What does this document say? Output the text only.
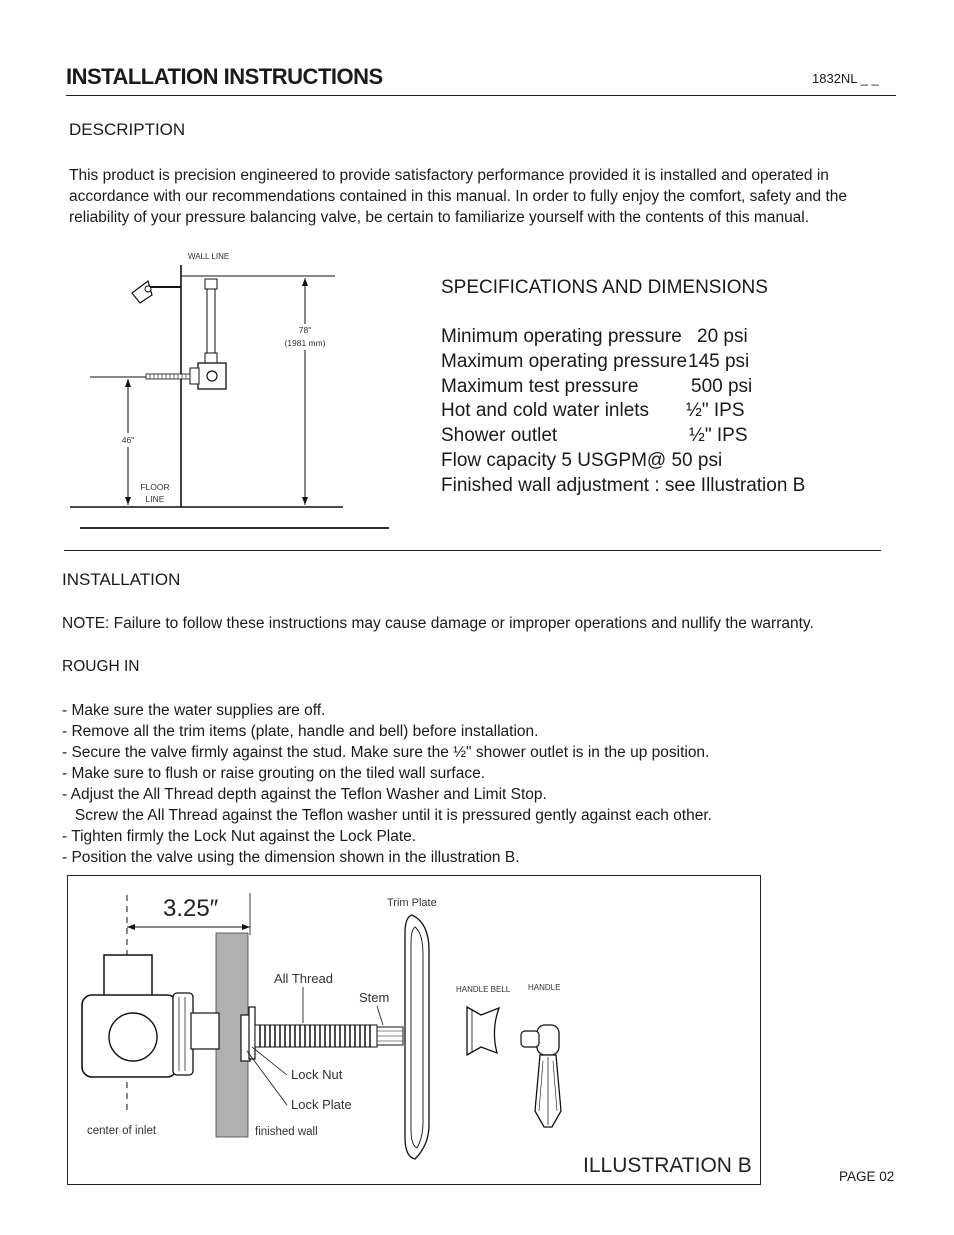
INSTALLATION INSTRUCTIONS	1832NL _ _
DESCRIPTION
This product is precision engineered to provide satisfactory performance provided it is installed and operated in accordance with our recommendations contained in this manual. In order to fully enjoy the comfort, safety and the reliability of your pressure balancing valve, be certain to familiarize yourself with the contents of this manual.
WALL LINE
78"
(1981 mm)
46"
FLOOR
LINE
SPECIFICATIONS AND DIMENSIONS
Minimum operating pressure 20 psi
Maximum operating pressure 145 psi
Maximum test pressure	500 psi
Hot and cold water inlets ½" IPS
Shower outlet	½" IPS
Flow capacity 5 USGPM@ 50 psi
Finished wall adjustment : see Illustration B
INSTALLATION
NOTE: Failure to follow these instructions may cause damage or improper operations and nullify the warranty.
ROUGH IN
- Make sure the water supplies are off.
- Remove all the trim items (plate, handle and bell) before installation.
- Secure the valve firmly against the stud. Make sure the ½" shower outlet is in the up position.
- Make sure to flush or raise grouting on the tiled wall surface.
- Adjust the All Thread depth against the Teflon Washer and Limit Stop.
Screw the All Thread against the Teflon washer until it is pressured gently against each other.
- Tighten firmly the Lock Nut against the Lock Plate.
- Position the valve using the dimension shown in the illustration B.
3.25″	Trim Plate
All Thread
Stem
HANDLE BELL HANDLE
Lock Nut
Lock Plate
center of inlet	finished wall
ILLUSTRATION B	PAGE 02
